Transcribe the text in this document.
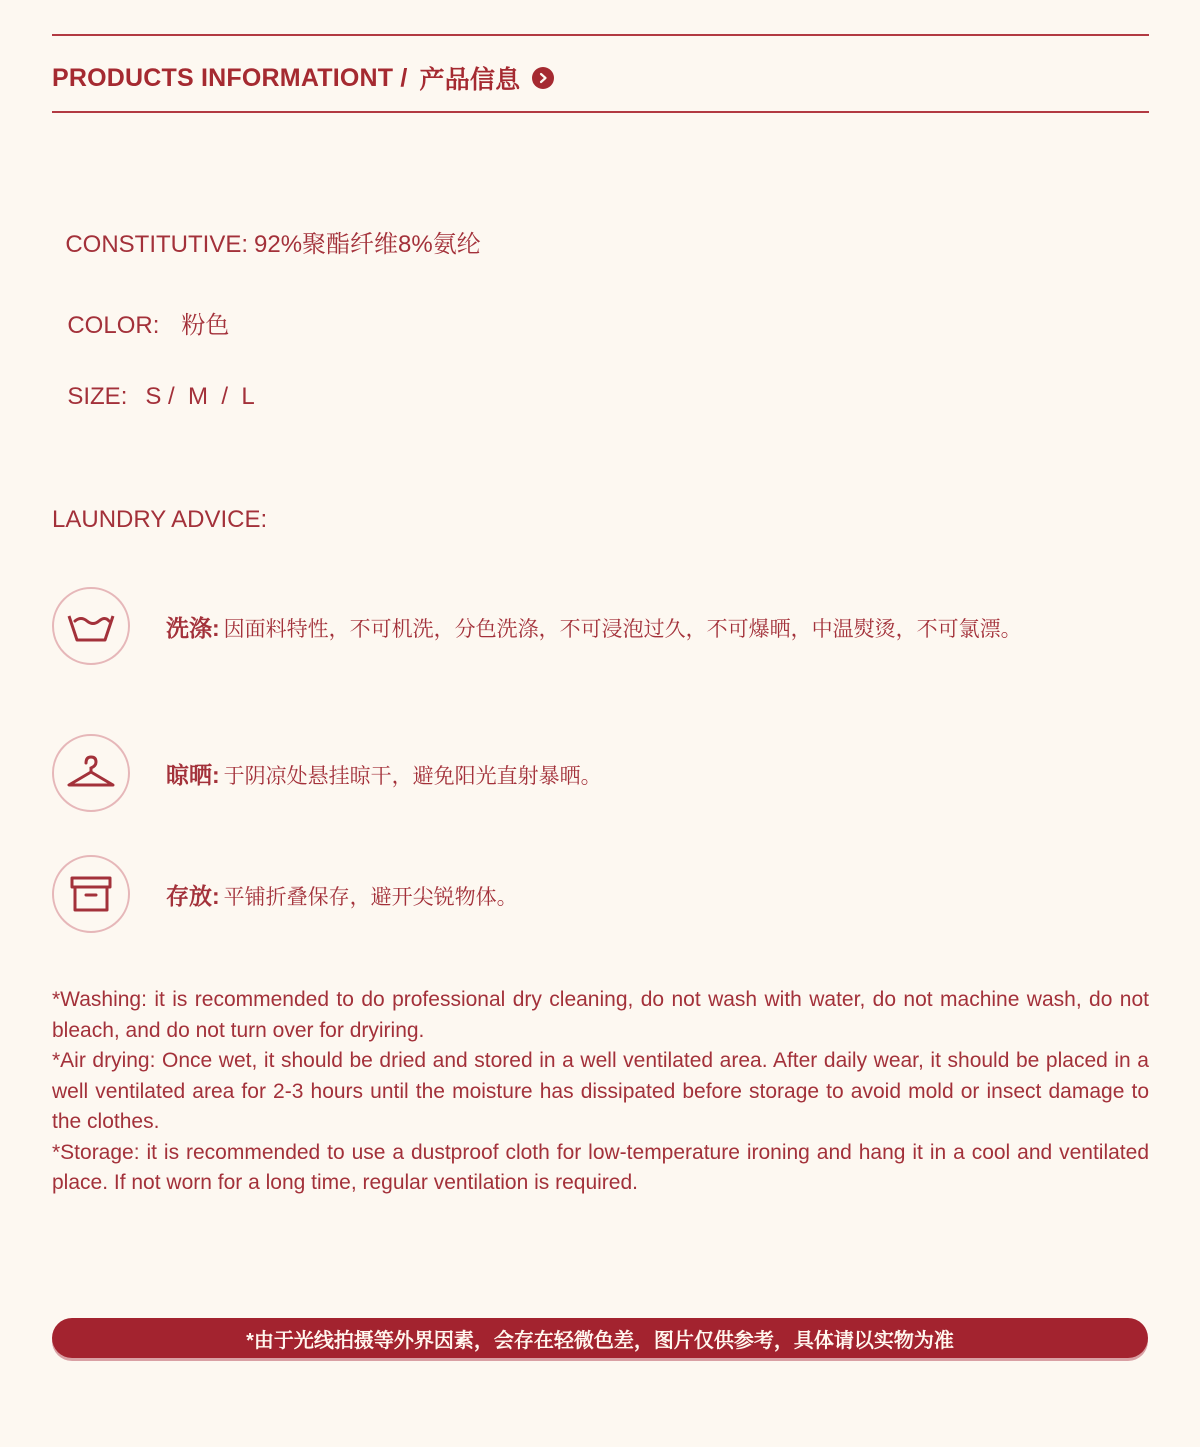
PRODUCTS INFORMATIONT / 产品信息

CONSTITUTIVE: 92%聚酯纤维8%氨纶

COLOR: 粉色

SIZE: S /  M  /  L

LAUNDRY ADVICE:
洗涤: 因面料特性，不可机洗，分色洗涤，不可浸泡过久，不可爆晒，中温熨烫，不可氯漂。
晾晒: 于阴凉处悬挂晾干，避免阳光直射暴晒。
存放: 平铺折叠保存，避开尖锐物体。

*Washing: it is recommended to do professional dry cleaning, do not wash with water, do not machine wash, do not bleach, and do not turn over for dryiring.

*Air drying: Once wet, it should be dried and stored in a well ventilated area. After daily wear, it should be placed in a well ventilated area for 2-3 hours until the moisture has dissipated before storage to avoid mold or insect damage to the clothes.

*Storage: it is recommended to use a dustproof cloth for low-temperature ironing and hang it in a cool and ventilated place. If not worn for a long time, regular ventilation is required.

*由于光线拍摄等外界因素，会存在轻微色差，图片仅供参考，具体请以实物为准
